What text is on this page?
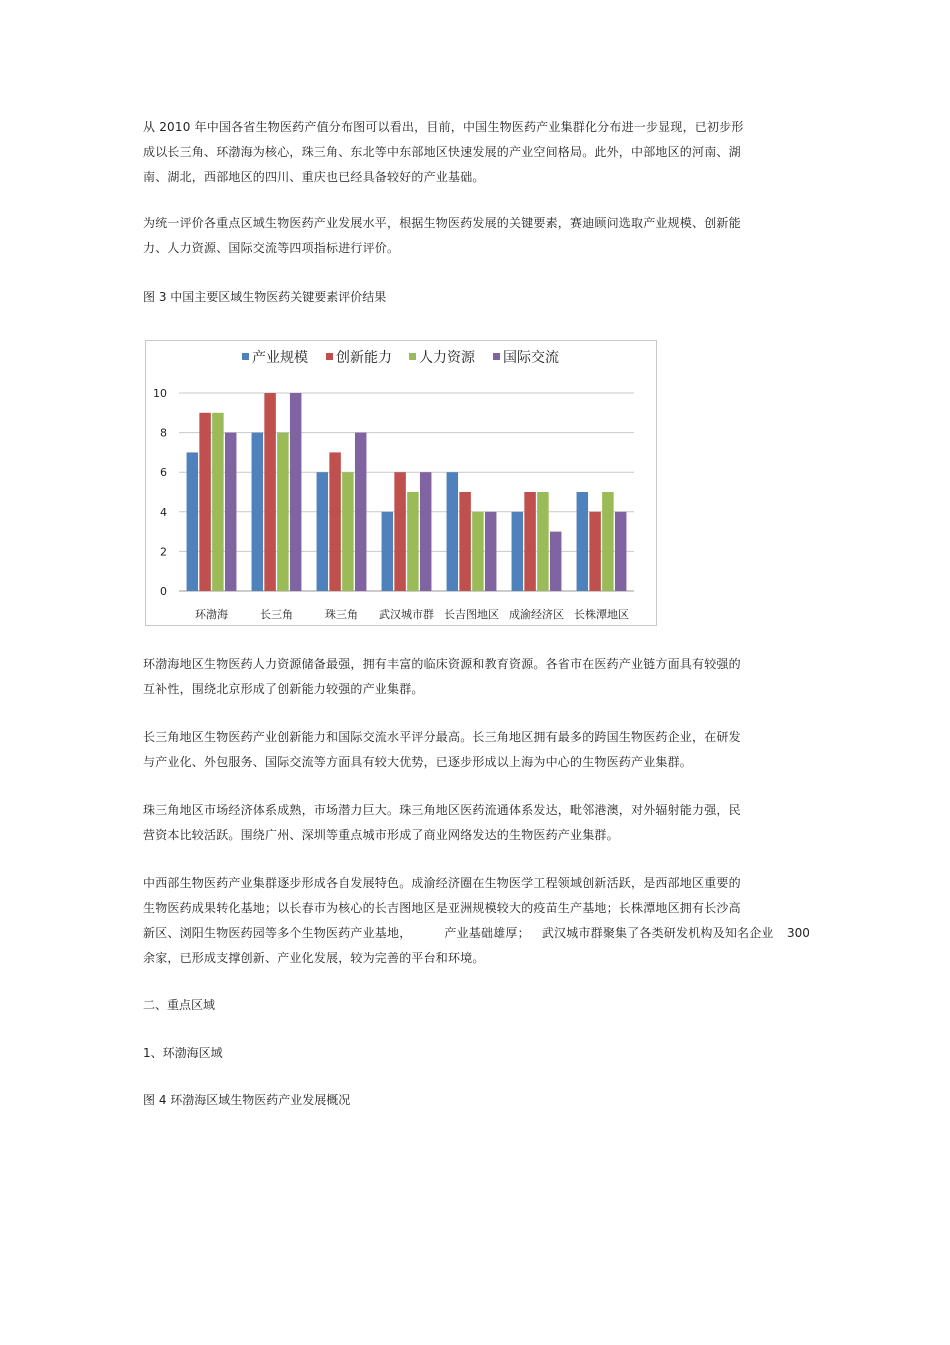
从 2010 年中国各省生物医药产值分布图可以看出，目前，中国生物医药产业集群化分布进一步显现，已初步形
成以长三角、环渤海为核心，珠三角、东北等中东部地区快速发展的产业空间格局。此外，中部地区的河南、湖
南、湖北，西部地区的四川、重庆也已经具备较好的产业基础。
为统一评价各重点区域生物医药产业发展水平，根据生物医药发展的关键要素，赛迪顾问选取产业规模、创新能
力、人力资源、国际交流等四项指标进行评价。
图 3 中国主要区域生物医药关键要素评价结果
产业规模 创新能力 人力资源 国际交流
0
2
4
6
8
10
环渤海	长三角	珠三角 武汉城市群 长吉图地区 成渝经济区 长株潭地区
环渤海地区生物医药人力资源储备最强，拥有丰富的临床资源和教育资源。各省市在医药产业链方面具有较强的
互补性，围绕北京形成了创新能力较强的产业集群。
长三角地区生物医药产业创新能力和国际交流水平评分最高。长三角地区拥有最多的跨国生物医药企业，在研发
与产业化、外包服务、国际交流等方面具有较大优势，已逐步形成以上海为中心的生物医药产业集群。
珠三角地区市场经济体系成熟，市场潜力巨大。珠三角地区医药流通体系发达，毗邻港澳，对外辐射能力强，民
营资本比较活跃。围绕广州、深圳等重点城市形成了商业网络发达的生物医药产业集群。
中西部生物医药产业集群逐步形成各自发展特色。成渝经济圈在生物医学工程领域创新活跃，是西部地区重要的
生物医药成果转化基地；以长春市为核心的长吉图地区是亚洲规模较大的疫苗生产基地；长株潭地区拥有长沙高
新区、浏阳生物医药园等多个生物医药产业基地，	产业基础雄厚； 武汉城市群聚集了各类研发机构及知名企业
余家，已形成支撑创新、产业化发展，较为完善的平台和环境。
300
二、重点区域
1、环渤海区域
图 4 环渤海区域生物医药产业发展概况
